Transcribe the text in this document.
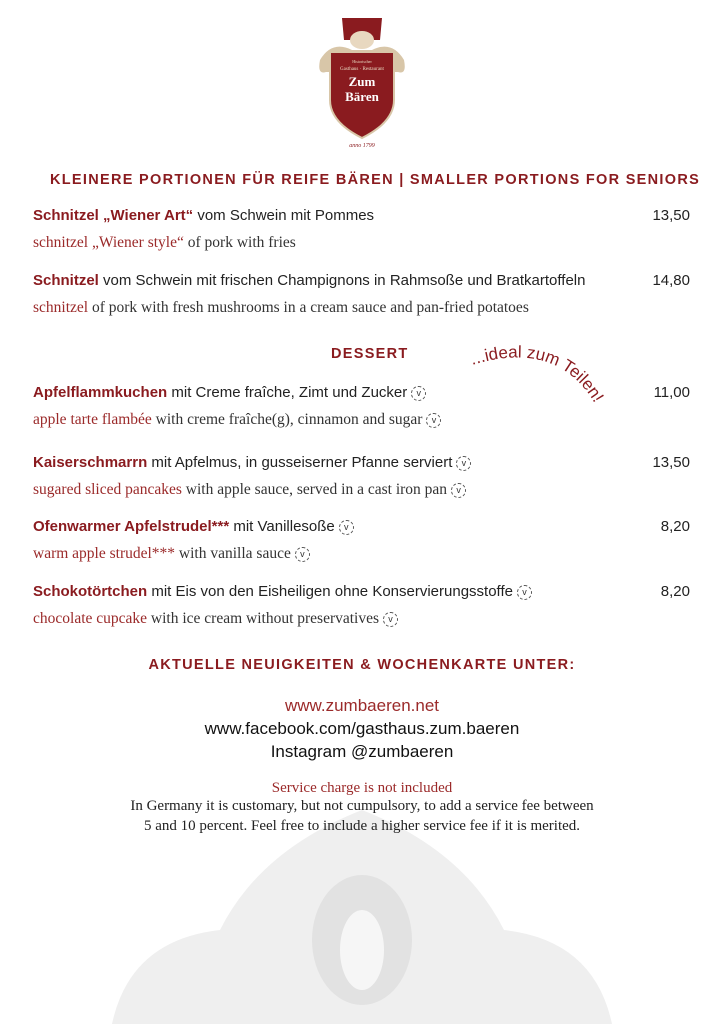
Historischer
Gasthaus · Restaurant
Zum
Bären
anno 1799
KLEINERE PORTIONEN FÜR REIFE BÄREN | SMALLER PORTIONS FOR SENIORS
Schnitzel „Wiener Art“ vom Schwein mit Pommes	13,50
schnitzel „Wiener style“ of pork with fries
Schnitzel vom Schwein mit frischen Champignons in Rahmsoße und Bratkartoffeln	14,80
schnitzel of pork with fresh mushrooms in a cream sauce and pan-fried potatoes
DESSERT	...ideal zum Teilen!
Apfelflammkuchen mit Creme fraîche, Zimt und Zucker v	11,00
apple tarte flambée with creme fraîche(g), cinnamon and sugar v
Kaiserschmarrn mit Apfelmus, in gusseiserner Pfanne serviert v	13,50
sugared sliced pancakes with apple sauce, served in a cast iron pan v
Ofenwarmer Apfelstrudel*** mit Vanillesoße v	8,20
warm apple strudel*** with vanilla sauce v
Schokotörtchen mit Eis von den Eisheiligen ohne Konservierungsstoffe v	8,20
chocolate cupcake with ice cream without preservatives v
AKTUELLE NEUIGKEITEN & WOCHENKARTE UNTER:
www.zumbaeren.net
www.facebook.com/gasthaus.zum.baeren
Instagram @zumbaeren
Service charge is not included
In Germany it is customary, but not cumpulsory, to add a service fee between
5 and 10 percent. Feel free to include a higher service fee if it is merited.
